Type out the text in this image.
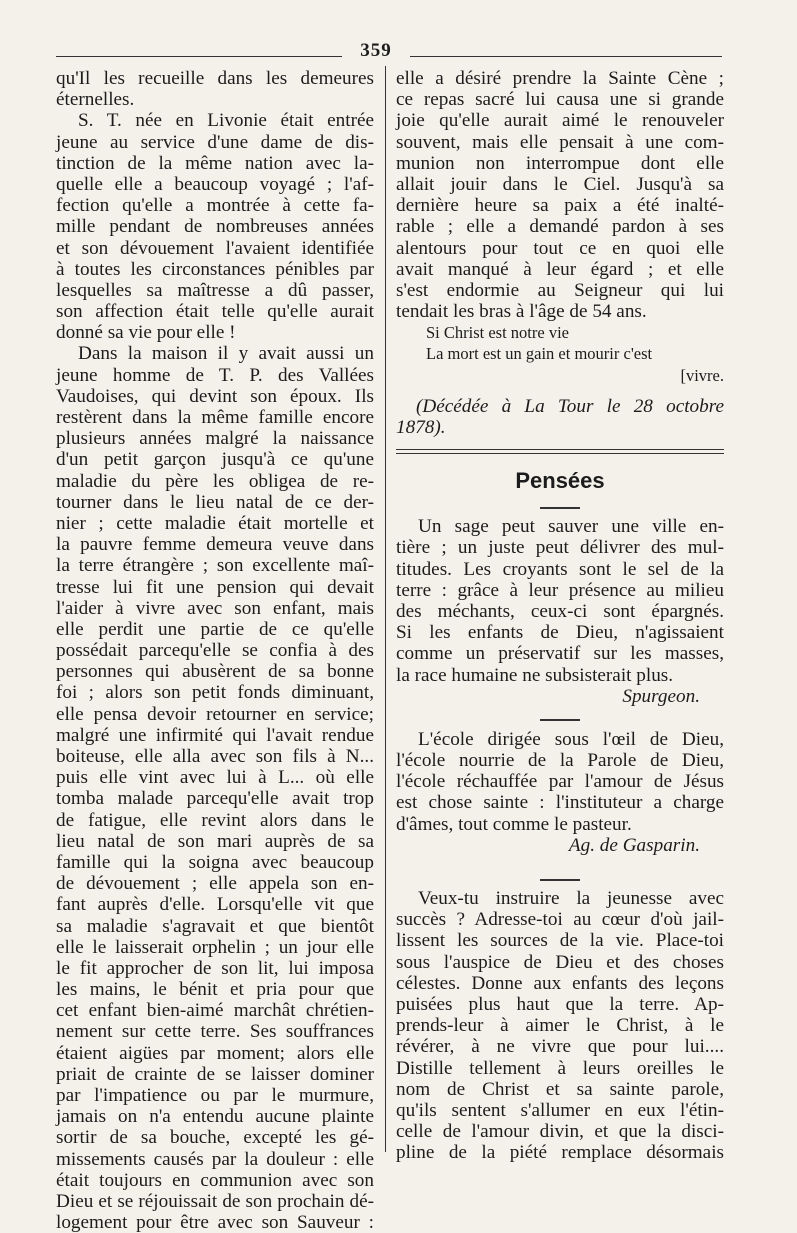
359
qu'Il les recueille dans les demeures
éternelles.
S. T. née en Livonie était entrée
jeune au service d'une dame de dis-
tinction de la même nation avec la-
quelle elle a beaucoup voyagé ; l'af-
fection qu'elle a montrée à cette fa-
mille pendant de nombreuses années
et son dévouement l'avaient identifiée
à toutes les circonstances pénibles par
lesquelles sa maîtresse a dû passer,
son affection était telle qu'elle aurait
donné sa vie pour elle !
Dans la maison il y avait aussi un
jeune homme de T. P. des Vallées
Vaudoises, qui devint son époux. Ils
restèrent dans la même famille encore
plusieurs années malgré la naissance
d'un petit garçon jusqu'à ce qu'une
maladie du père les obligea de re-
tourner dans le lieu natal de ce der-
nier ; cette maladie était mortelle et
la pauvre femme demeura veuve dans
la terre étrangère ; son excellente maî-
tresse lui fit une pension qui devait
l'aider à vivre avec son enfant, mais
elle perdit une partie de ce qu'elle
possédait parcequ'elle se confia à des
personnes qui abusèrent de sa bonne
foi ; alors son petit fonds diminuant,
elle pensa devoir retourner en service;
malgré une infirmité qui l'avait rendue
boiteuse, elle alla avec son fils à N...
puis elle vint avec lui à L... où elle
tomba malade parcequ'elle avait trop
de fatigue, elle revint alors dans le
lieu natal de son mari auprès de sa
famille qui la soigna avec beaucoup
de dévouement ; elle appela son en-
fant auprès d'elle. Lorsqu'elle vit que
sa maladie s'agravait et que bientôt
elle le laisserait orphelin ; un jour elle
le fit approcher de son lit, lui imposa
les mains, le bénit et pria pour que
cet enfant bien-aimé marchât chrétien-
nement sur cette terre. Ses souffrances
étaient aigües par moment; alors elle
priait de crainte de se laisser dominer
par l'impatience ou par le murmure,
jamais on n'a entendu aucune plainte
sortir de sa bouche, excepté les gé-
missements causés par la douleur : elle
était toujours en communion avec son
Dieu et se réjouissait de son prochain dé-
logement pour être avec son Sauveur :
elle a désiré prendre la Sainte Cène ;
ce repas sacré lui causa une si grande
joie qu'elle aurait aimé le renouveler
souvent, mais elle pensait à une com-
munion non interrompue dont elle
allait jouir dans le Ciel. Jusqu'à sa
dernière heure sa paix a été inalté-
rable ; elle a demandé pardon à ses
alentours pour tout ce en quoi elle
avait manqué à leur égard ; et elle
s'est endormie au Seigneur qui lui
tendait les bras à l'âge de 54 ans.
Si Christ est notre vie
La mort est un gain et mourir c'est
[vivre.
(Décédée à La Tour le 28 octobre
1878).
Pensées
Un sage peut sauver une ville en-
tière ; un juste peut délivrer des mul-
titudes. Les croyants sont le sel de la
terre : grâce à leur présence au milieu
des méchants, ceux-ci sont épargnés.
Si les enfants de Dieu, n'agissaient
comme un préservatif sur les masses,
la race humaine ne subsisterait plus.
Spurgeon.
L'école dirigée sous l'œil de Dieu,
l'école nourrie de la Parole de Dieu,
l'école réchauffée par l'amour de Jésus
est chose sainte : l'instituteur a charge
d'âmes, tout comme le pasteur.
Ag. de Gasparin.
Veux-tu instruire la jeunesse avec
succès ? Adresse-toi au cœur d'où jail-
lissent les sources de la vie. Place-toi
sous l'auspice de Dieu et des choses
célestes. Donne aux enfants des leçons
puisées plus haut que la terre. Ap-
prends-leur à aimer le Christ, à le
révérer, à ne vivre que pour lui....
Distille tellement à leurs oreilles le
nom de Christ et sa sainte parole,
qu'ils sentent s'allumer en eux l'étin-
celle de l'amour divin, et que la disci-
pline de la piété remplace désormais
